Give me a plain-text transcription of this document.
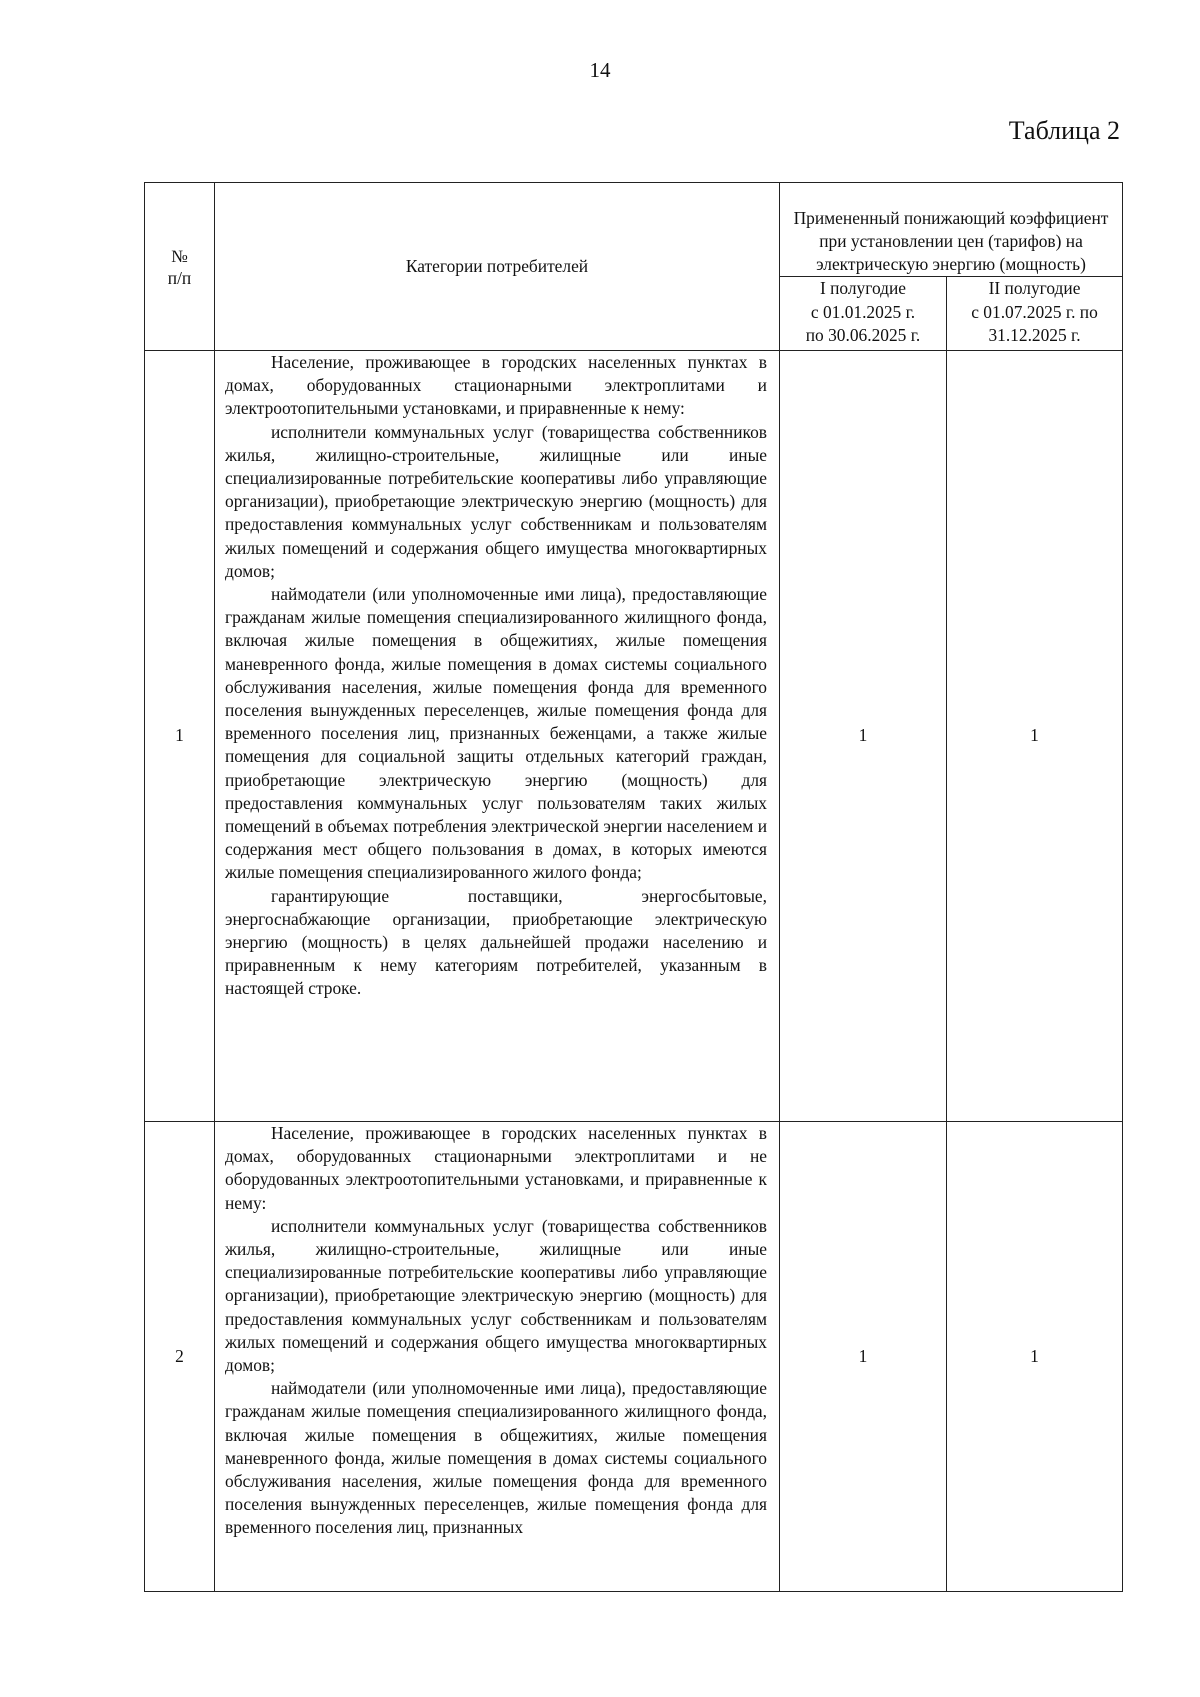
14
Таблица 2
№
п/п	Категории потребителей	Примененный понижающий коэффициент при установлении цен (тарифов) на электрическую энергию (мощность)	
		I полугодие
с 01.01.2025 г.
по 30.06.2025 г.	II полугодие
с 01.07.2025 г. по
31.12.2025 г.
1	Население, проживающее в городских населенных пунктах в домах, оборудованных стационарными электроплитами и электроотопительными установками, и приравненные к нему:

исполнители коммунальных услуг (товарищества собственников жилья, жилищно-строительные, жилищные или иные специализированные потребительские кооперативы либо управляющие организации), приобретающие электрическую энергию (мощность) для предоставления коммунальных услуг собственникам и пользователям жилых помещений и содержания общего имущества многоквартирных домов;

наймодатели (или уполномоченные ими лица), предоставляющие гражданам жилые помещения специализированного жилищного фонда, включая жилые помещения в общежитиях, жилые помещения маневренного фонда, жилые помещения в домах системы социального обслуживания населения, жилые помещения фонда для временного поселения вынужденных переселенцев, жилые помещения фонда для временного поселения лиц, признанных беженцами, а также жилые помещения для социальной защиты отдельных категорий граждан, приобретающие электрическую энергию (мощность) для предоставления коммунальных услуг пользователям таких жилых помещений в объемах потребления электрической энергии населением и содержания мест общего пользования в домах, в которых имеются жилые помещения специализированного жилого фонда;

гарантирующие поставщики, энергосбытовые, энергоснабжающие организации, приобретающие электрическую энергию (мощность) в целях дальнейшей продажи населению и приравненным к нему категориям потребителей, указанным в настоящей строке.	1	1
2	Население, проживающее в городских населенных пунктах в домах, оборудованных стационарными электроплитами и не оборудованных электроотопительными установками, и приравненные к нему:

исполнители коммунальных услуг (товарищества собственников жилья, жилищно-строительные, жилищные или иные специализированные потребительские кооперативы либо управляющие организации), приобретающие электрическую энергию (мощность) для предоставления коммунальных услуг собственникам и пользователям жилых помещений и содержания общего имущества многоквартирных домов;

наймодатели (или уполномоченные ими лица), предоставляющие гражданам жилые помещения специализированного жилищного фонда, включая жилые помещения в общежитиях, жилые помещения маневренного фонда, жилые помещения в домах системы социального обслуживания населения, жилые помещения фонда для временного поселения вынужденных переселенцев, жилые помещения фонда для временного поселения лиц, признанных	1	1
